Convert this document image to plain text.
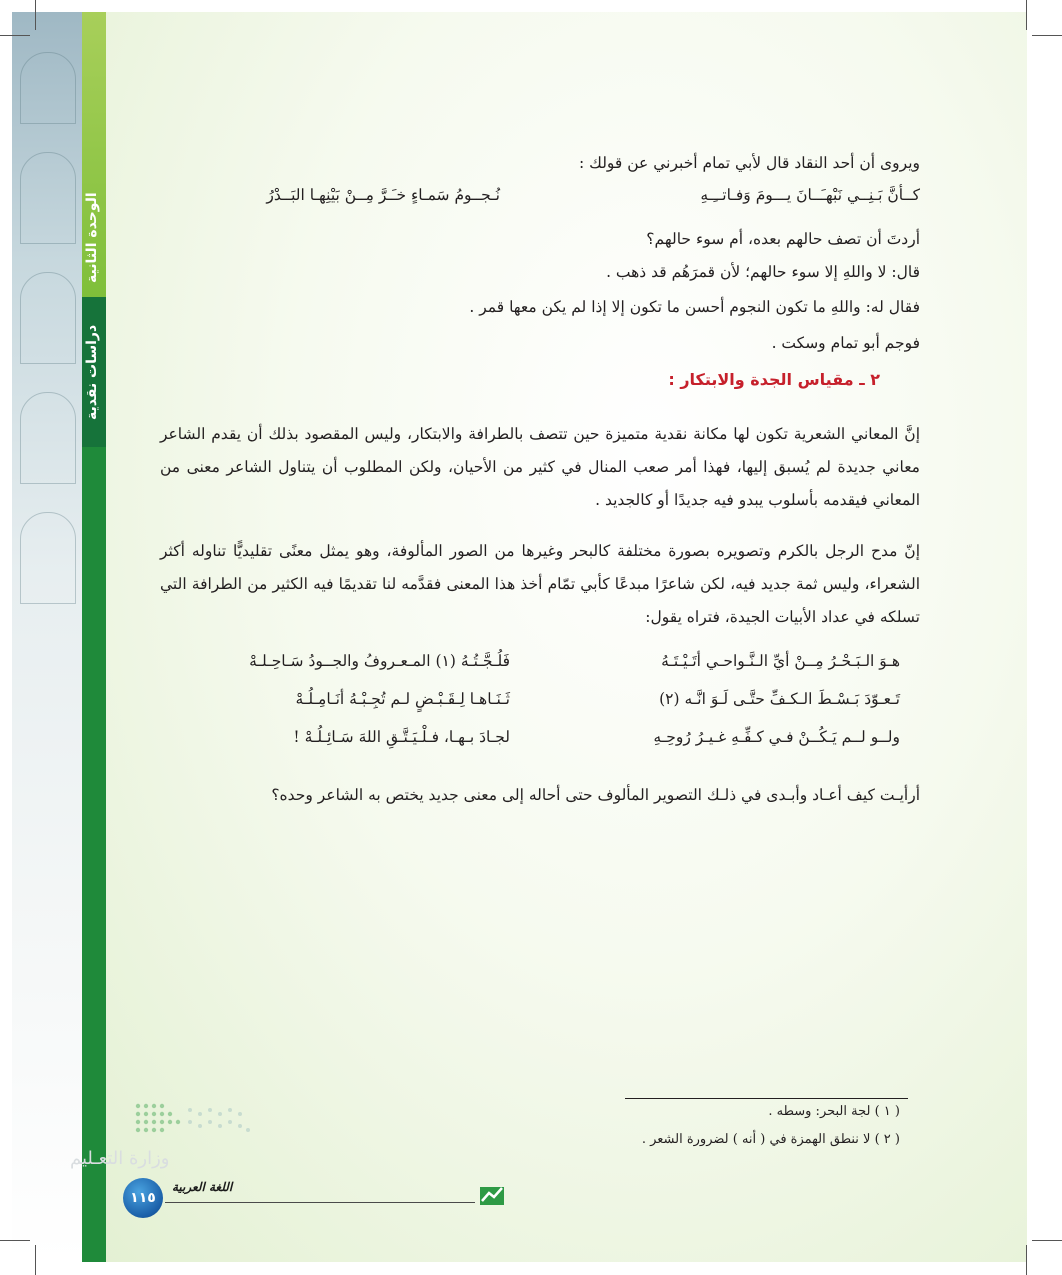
الوحدة الثانية
دراسات نقدية

ويروى أن أحد النقاد قال لأبي تمام أخبرني عن قولك :

كــأنَّ بَـنِــي نَبْهـَــانَ يـــومَ وَفـاتــِـهِ
نُـجــومُ سَمـاءٍ خـَـرَّ مِــنْ بَيْنِهـا البَــدْرُ

أردتَ أن تصف حالهم بعده، أم سوء حالهم؟

قال: لا واللهِ إلا سوء حالهم؛ لأن قمرَهُم قد ذهب .

فقال له: واللهِ ما تكون النجوم أحسن ما تكون إلا إذا لم يكن معها قمر .

فوجم أبو تمام وسكت .

٢ ـ مقياس الجدة والابتكار :

إنَّ المعاني الشعرية تكون لها مكانة نقدية متميزة حين تتصف بالطرافة والابتكار، وليس المقصود بذلك أن يقدم الشاعر معاني جديدة لم يُسبق إليها، فهذا أمر صعب المنال في كثير من الأحيان، ولكن المطلوب أن يتناول الشاعر معنى من المعاني فيقدمه بأسلوب يبدو فيه جديدًا أو كالجديد .

إنّ مدح الرجل بالكرم وتصويره بصورة مختلفة كالبحر وغيرها من الصور المألوفة، وهو يمثل معنًى تقليديًّا تناوله أكثر الشعراء، وليس ثمة جديد فيه، لكن شاعرًا مبدعًا كأبي تمّام أخذ هذا المعنى فقدَّمه لنا تقديمًا فيه الكثير من الطرافة التي تسلكه في عداد الأبيات الجيدة، فتراه يقول:

هـوَ الـبَـحْـرُ مِــنْ أيِّ الـنَّـواحـي أتَـيْـتَـهُ
فَلُـجَّـتُـهُ (١) المـعـروفُ والجــودُ سَـاحِـلـهْ
تَـعـوّدَ بَـسْـطَ الـكـفِّ حتَّـى لَـوَ انَّـه (٢)
ثَـنَـاهـا لِـقَـبْـضٍ لـم تُجِـبْـهُ أنَـامِـلُـهْ
ولــو لــم يَـكُــنْ فـي كـفِّـهِ غـيـرُ رُوحِـهِ
لجـادَ بـهـا، فـلْـيَـتَّـقِ اللهَ سَـائِـلُـهْ !

أرأيـت كيف أعـاد وأبـدى في ذلـك التصوير المألوف حتى أحاله إلى معنى جديد يختص به الشاعر وحده؟

( ١ ) لجة البحر: وسطه .
( ٢ ) لا ننطق الهمزة في ( أنه ) لضرورة الشعر .
وزارة التعـليم
١١٥
اللغة العربية
